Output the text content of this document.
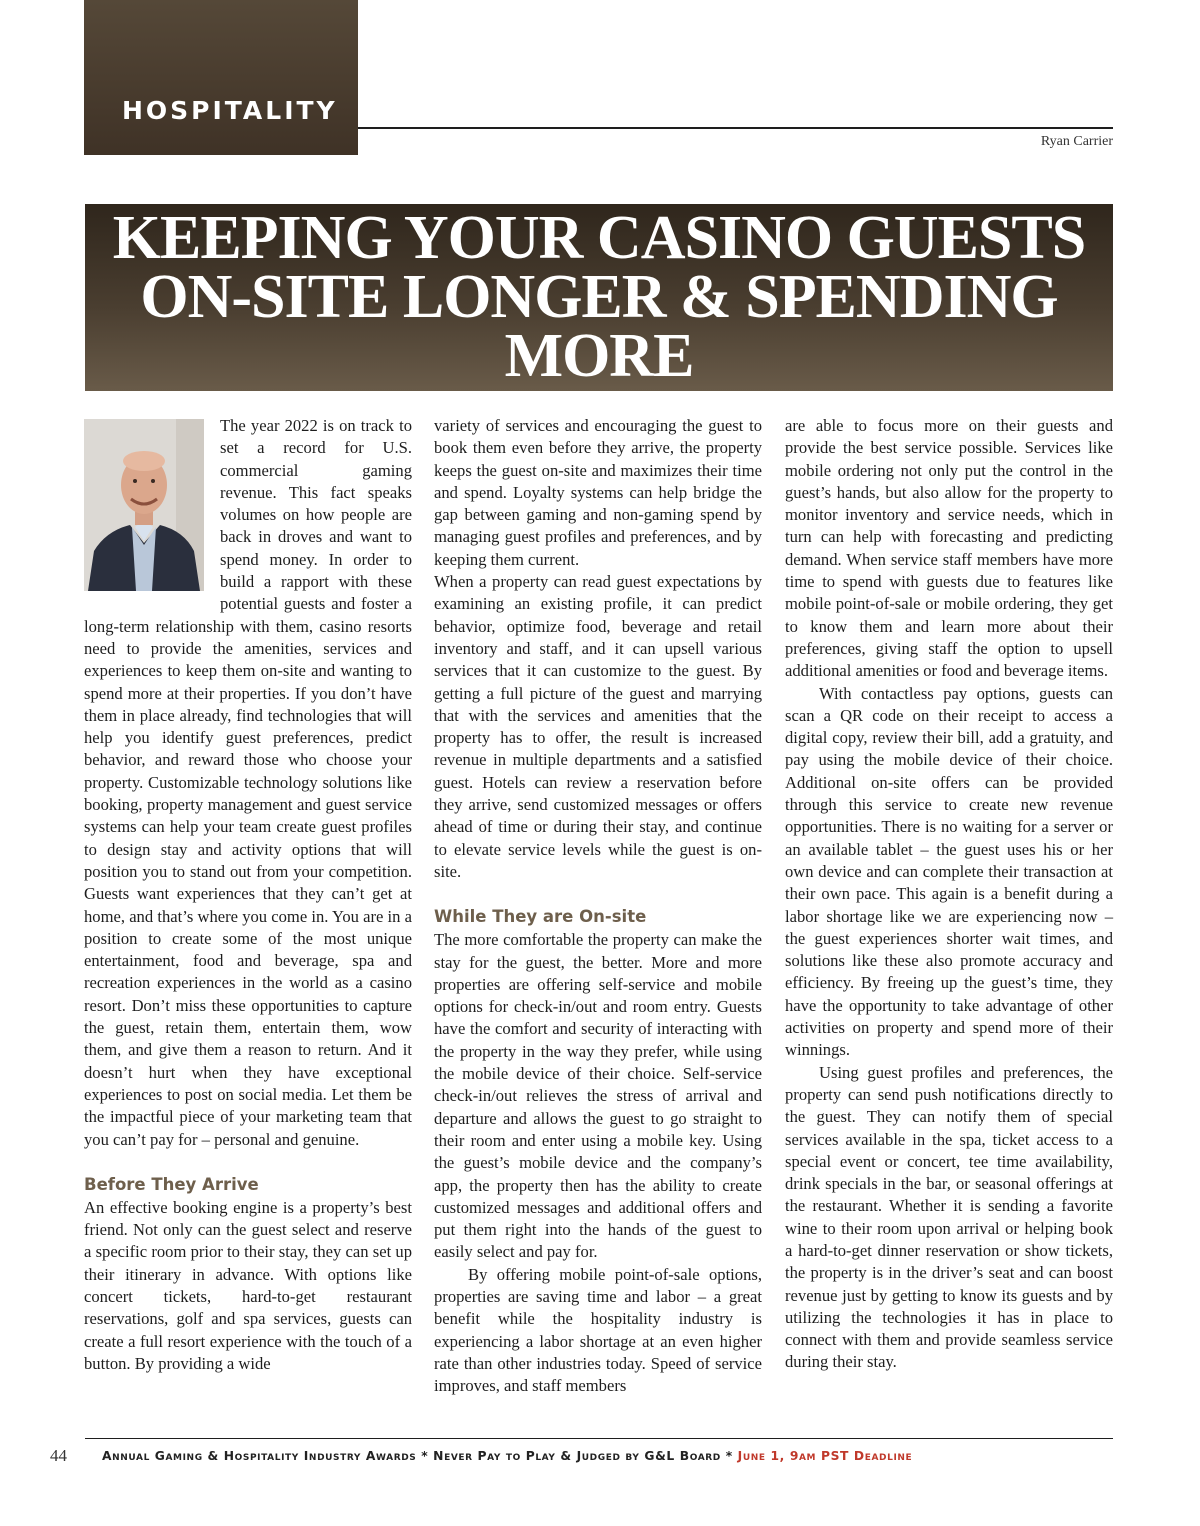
HOSPITALITY
Ryan Carrier
KEEPING YOUR CASINO GUESTS ON-SITE LONGER & SPENDING MORE

The year 2022 is on track to set a record for U.S. commercial gaming revenue. This fact speaks volumes on how people are back in droves and want to spend money. In order to build a rapport with these potential guests and foster a long-term relationship with them, casino resorts need to provide the amenities, services and experiences to keep them on-site and wanting to spend more at their properties. If you don’t have them in place already, find technologies that will help you identify guest preferences, predict behavior, and reward those who choose your property. Customizable technology solutions like booking, property management and guest service systems can help your team create guest profiles to design stay and activity options that will position you to stand out from your competition. Guests want experiences that they can’t get at home, and that’s where you come in. You are in a position to create some of the most unique entertainment, food and beverage, spa and recreation experiences in the world as a casino resort. Don’t miss these opportunities to capture the guest, retain them, entertain them, wow them, and give them a reason to return. And it doesn’t hurt when they have exceptional experiences to post on social media. Let them be the impactful piece of your marketing team that you can’t pay for – personal and genuine.

Before They Arrive

An effective booking engine is a property’s best friend. Not only can the guest select and reserve a specific room prior to their stay, they can set up their itinerary in advance. With options like concert tickets, hard-to-get restaurant reservations, golf and spa services, guests can create a full resort experience with the touch of a button. By providing a wide

variety of services and encouraging the guest to book them even before they arrive, the property keeps the guest on-site and maximizes their time and spend. Loyalty systems can help bridge the gap between gaming and non-gaming spend by managing guest profiles and preferences, and by keeping them current.

When a property can read guest expectations by examining an existing profile, it can predict behavior, optimize food, beverage and retail inventory and staff, and it can upsell various services that it can customize to the guest. By getting a full picture of the guest and marrying that with the services and amenities that the property has to offer, the result is increased revenue in multiple departments and a satisfied guest. Hotels can review a reservation before they arrive, send customized messages or offers ahead of time or during their stay, and continue to elevate service levels while the guest is on-site.

While They are On-site

The more comfortable the property can make the stay for the guest, the better. More and more properties are offering self-service and mobile options for check-in/out and room entry. Guests have the comfort and security of interacting with the property in the way they prefer, while using the mobile device of their choice. Self-service check-in/out relieves the stress of arrival and departure and allows the guest to go straight to their room and enter using a mobile key. Using the guest’s mobile device and the company’s app, the property then has the ability to create customized messages and additional offers and put them right into the hands of the guest to easily select and pay for.

By offering mobile point-of-sale options, properties are saving time and labor – a great benefit while the hospitality industry is experiencing a labor shortage at an even higher rate than other industries today. Speed of service improves, and staff members

are able to focus more on their guests and provide the best service possible. Services like mobile ordering not only put the control in the guest’s hands, but also allow for the property to monitor inventory and service needs, which in turn can help with forecasting and predicting demand. When service staff members have more time to spend with guests due to features like mobile point-of-sale or mobile ordering, they get to know them and learn more about their preferences, giving staff the option to upsell additional amenities or food and beverage items.

With contactless pay options, guests can scan a QR code on their receipt to access a digital copy, review their bill, add a gratuity, and pay using the mobile device of their choice. Additional on-site offers can be provided through this service to create new revenue opportunities. There is no waiting for a server or an available tablet – the guest uses his or her own device and can complete their transaction at their own pace. This again is a benefit during a labor shortage like we are experiencing now – the guest experiences shorter wait times, and solutions like these also promote accuracy and efficiency. By freeing up the guest’s time, they have the opportunity to take advantage of other activities on property and spend more of their winnings.

Using guest profiles and preferences, the property can send push notifications directly to the guest. They can notify them of special services available in the spa, ticket access to a special event or concert, tee time availability, drink specials in the bar, or seasonal offerings at the restaurant. Whether it is sending a favorite wine to their room upon arrival or helping book a hard-to-get dinner reservation or show tickets, the property is in the driver’s seat and can boost revenue just by getting to know its guests and by utilizing the technologies it has in place to connect with them and provide seamless service during their stay.

44	Annual Gaming & Hospitality Industry Awards * Never Pay to Play & Judged by G&L Board * June 1, 9am PST Deadline
